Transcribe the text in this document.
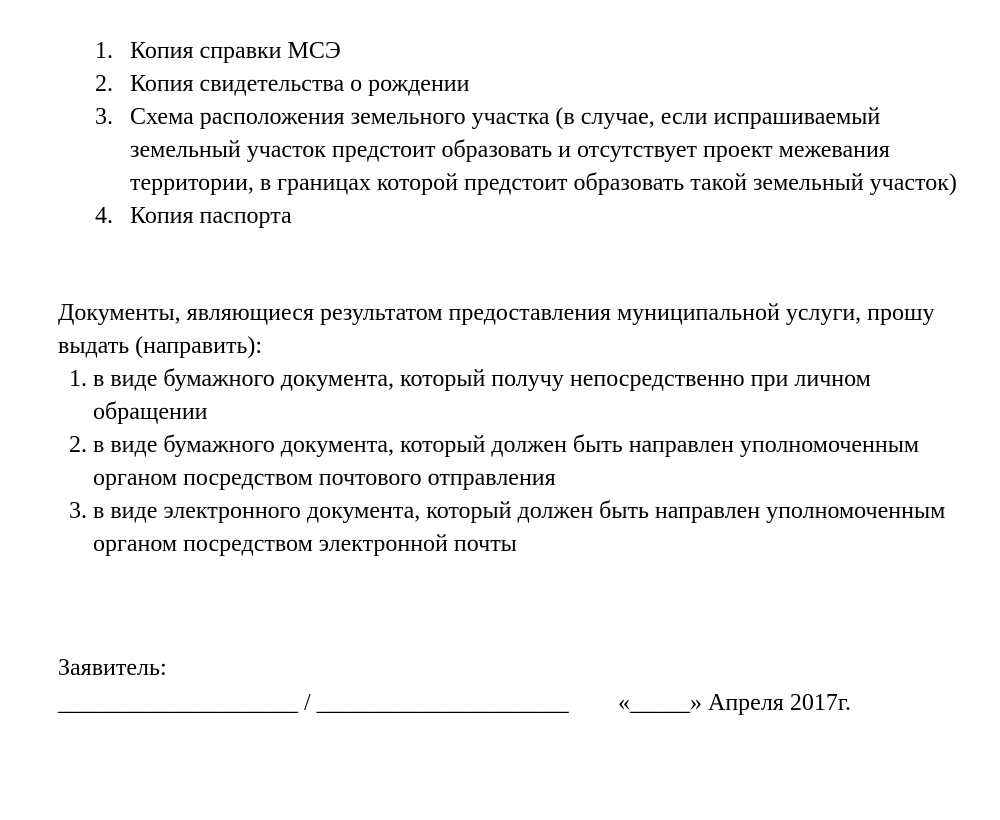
1. Копия справки МСЭ
2. Копия свидетельства о рождении
3. Схема расположения земельного участка (в случае, если испрашиваемый земельный участок предстоит образовать и отсутствует проект межевания территории, в границах которой предстоит образовать такой земельный участок)
4. Копия паспорта

Документы, являющиеся результатом предоставления муниципальной услуги, прошу выдать (направить):

1. в виде бумажного документа, который получу непосредственно при личном обращении
2. в виде бумажного документа, который должен быть направлен уполномоченным органом посредством почтового отправления
3. в виде электронного документа, который должен быть направлен уполномоченным органом посредством электронной почты
Заявитель:
____________________ / _____________________ «_____» Апреля 2017г.
